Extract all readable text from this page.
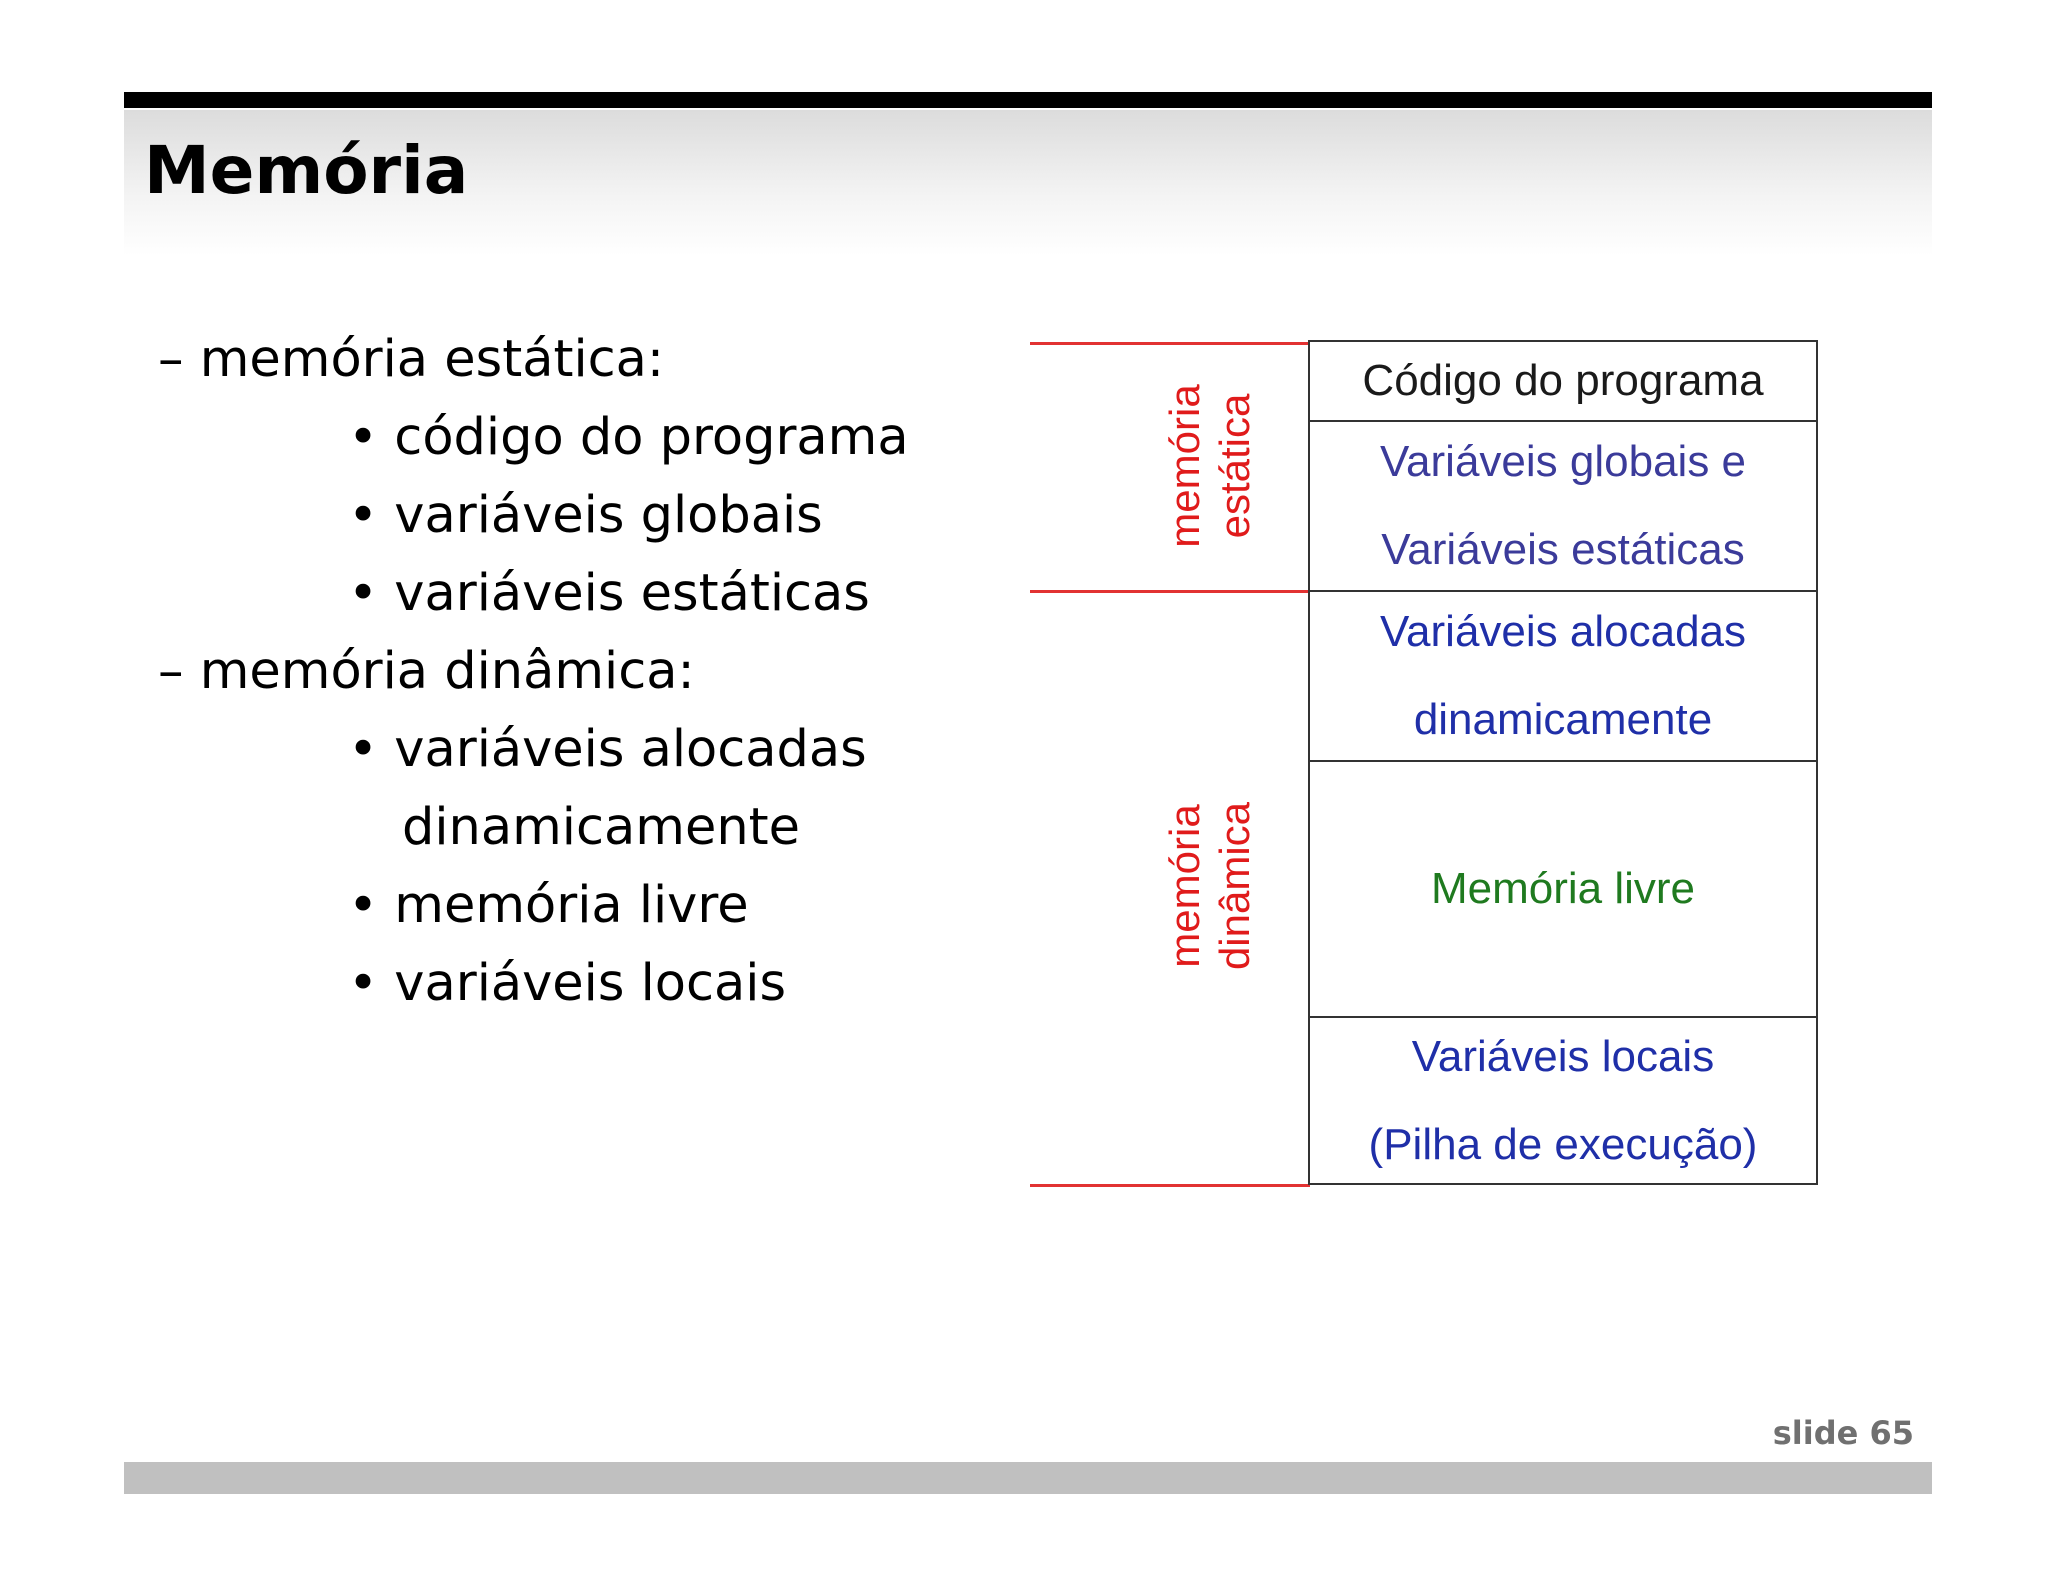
Memória
– memória estática:
• código do programa
• variáveis globais
• variáveis estáticas
– memória dinâmica:
• variáveis alocadas
dinamicamente
• memória livre
• variáveis locais
memória estática
memória dinâmica
Código do programa
Variáveis globais e
Variáveis estáticas
Variáveis alocadas
dinamicamente
Memória livre
Variáveis locais
(Pilha de execução)
slide 65
